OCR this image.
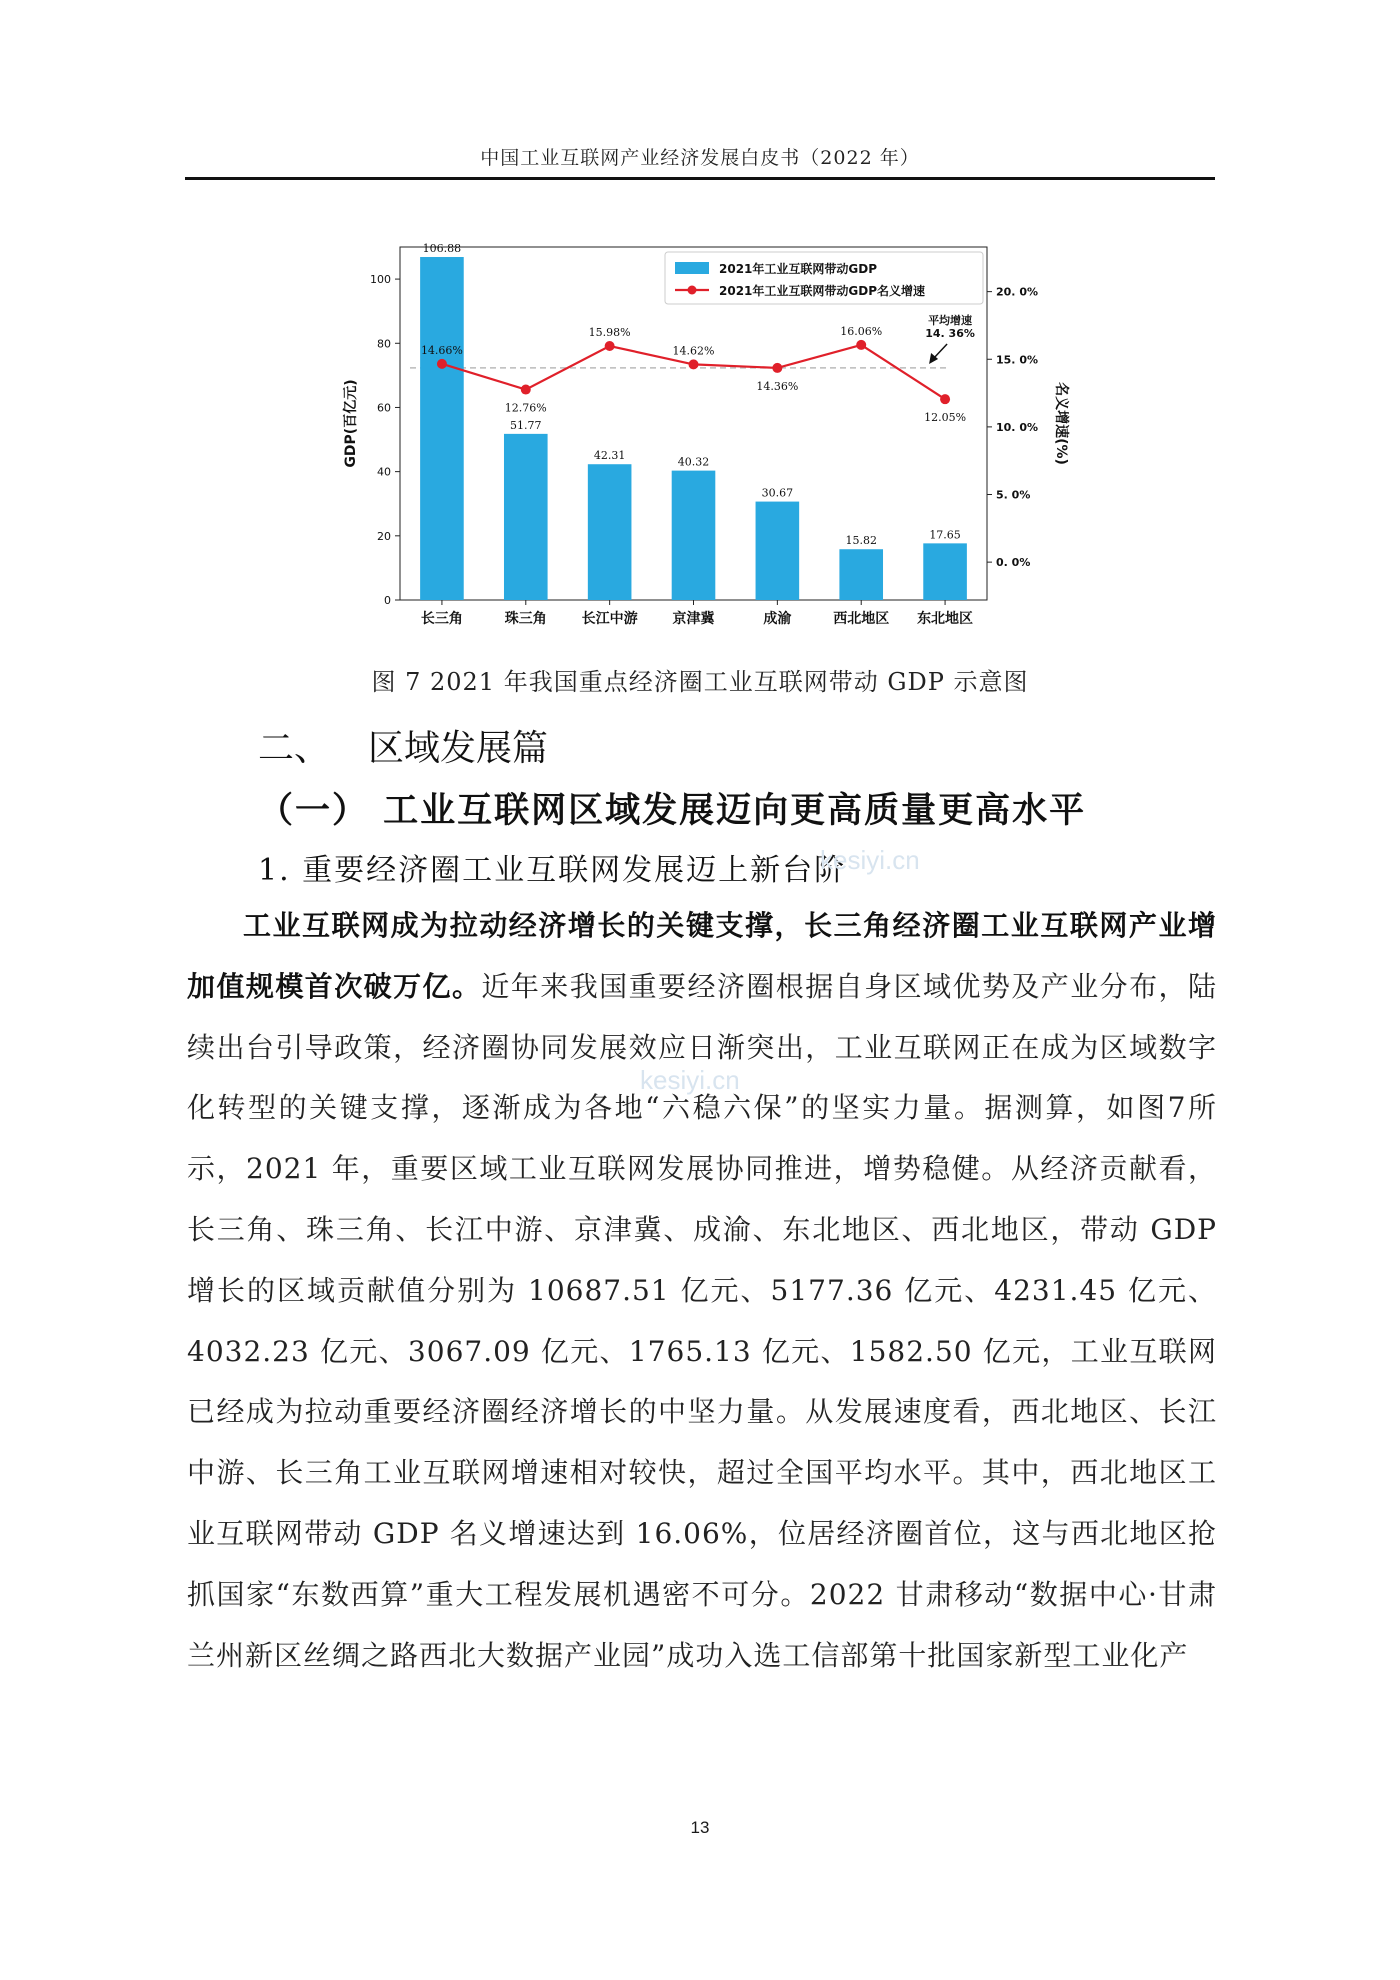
中国工业互联网产业经济发展白皮书（2022 年）
0
20
40
60
80
100
0. 0%
5. 0%
10. 0%
15. 0%
20. 0%
GDP(百亿元)	名义增速(%)
106.88
长三角
51.77
珠三角
42.31
长江中游
40.32
京津冀
30.67
成渝
15.82
西北地区
17.65
东北地区
14.66%
12.76%
15.98%
14.62%
14.36%
16.06%
12.05%
平均增速
14. 36%
2021年工业互联网带动GDP
2021年工业互联网带动GDP名义增速
图 7 2021 年我国重点经济圈工业互联网带动 GDP 示意图
二、 区域发展篇
（一） 工业互联网区域发展迈向更高质量更高水平
1. 重要经济圈工业互联网发展迈上新台阶
工业互联网成为拉动经济增长的关键支撑，长三角经济圈工业互联网产业增加值规模首次破万亿。近年来我国重要经济圈根据自身区域优势及产业分布，陆续出台引导政策，经济圈协同发展效应日渐突出，工业互联网正在成为区域数字化转型的关键支撑，逐渐成为各地“六稳六保”的坚实力量。据测算，如图7所示，2021 年，重要区域工业互联网发展协同推进，增势稳健。从经济贡献看，长三角、珠三角、长江中游、京津冀、成渝、东北地区、西北地区，带动 GDP 增长的区域贡献值分别为 10687.51 亿元、5177.36 亿元、4231.45 亿元、4032.23 亿元、3067.09 亿元、1765.13 亿元、1582.50 亿元，工业互联网已经成为拉动重要经济圈经济增长的中坚力量。从发展速度看，西北地区、长江中游、长三角工业互联网增速相对较快，超过全国平均水平。其中，西北地区工业互联网带动 GDP 名义增速达到 16.06%，位居经济圈首位，这与西北地区抢抓国家“东数西算”重大工程发展机遇密不可分。2022 甘肃移动“数据中心·甘肃兰州新区丝绸之路西北大数据产业园”成功入选工信部第十批国家新型工业化产
kesiyi.cn
kesiyi.cn
13
